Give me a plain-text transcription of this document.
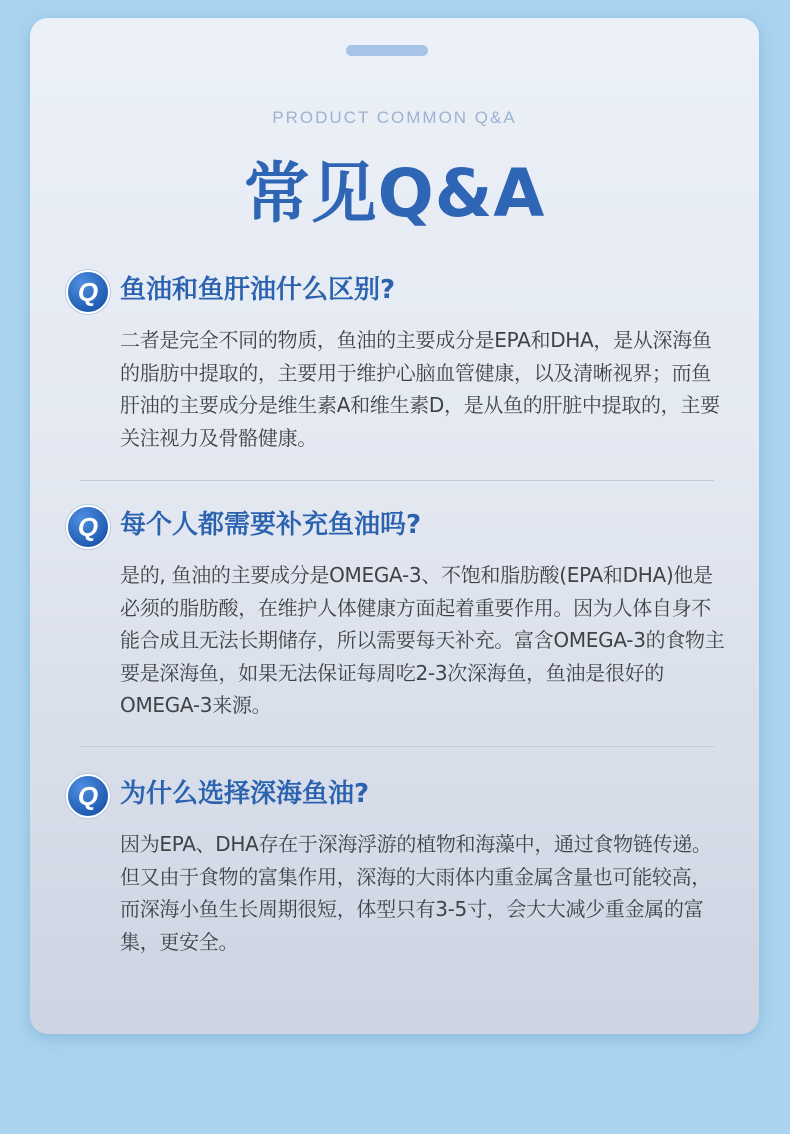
PRODUCT COMMON Q&A
常见Q&A
Q 鱼油和鱼肝油什么区别?
二者是完全不同的物质，鱼油的主要成分是EPA和DHA，是从深海鱼的脂肪中提取的，主要用于维护心脑血管健康，以及清晰视界；而鱼肝油的主要成分是维生素A和维生素D，是从鱼的肝脏中提取的，主要关注视力及骨骼健康。
Q 每个人都需要补充鱼油吗?
是的, 鱼油的主要成分是OMEGA-3、不饱和脂肪酸(EPA和DHA)他是必须的脂肪酸，在维护人体健康方面起着重要作用。因为人体自身不能合成且无法长期储存，所以需要每天补充。富含OMEGA-3的食物主要是深海鱼，如果无法保证每周吃2-3次深海鱼，鱼油是很好的OMEGA-3来源。
Q 为什么选择深海鱼油?
因为EPA、DHA存在于深海浮游的植物和海藻中，通过食物链传递。但又由于食物的富集作用，深海的大雨体内重金属含量也可能较高，而深海小鱼生长周期很短，体型只有3-5寸，会大大减少重金属的富集，更安全。
